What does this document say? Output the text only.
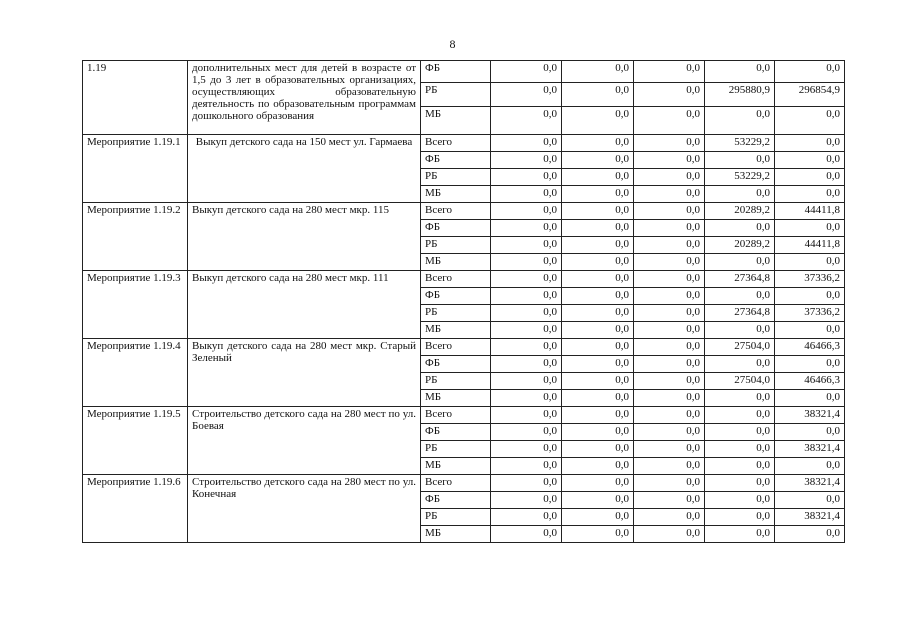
8
1.19	дополнительных мест для детей в возрасте от 1,5 до 3 лет в образовательных организациях, осуществляющих образовательную деятельность по образовательным программам дошкольного образования	ФБ	0,0	0,0	0,0	0,0	0,0
		РБ	0,0	0,0	0,0	295880,9	296854,9
		МБ	0,0	0,0	0,0	0,0	0,0
Мероприятие 1.19.1	Выкуп детского сада на 150 мест ул. Гармаева	Всего	0,0	0,0	0,0	53229,2	0,0
		ФБ	0,0	0,0	0,0	0,0	0,0
		РБ	0,0	0,0	0,0	53229,2	0,0
		МБ	0,0	0,0	0,0	0,0	0,0
Мероприятие 1.19.2	Выкуп детского сада на 280 мест мкр. 115	Всего	0,0	0,0	0,0	20289,2	44411,8
		ФБ	0,0	0,0	0,0	0,0	0,0
		РБ	0,0	0,0	0,0	20289,2	44411,8
		МБ	0,0	0,0	0,0	0,0	0,0
Мероприятие 1.19.3	Выкуп детского сада на 280 мест мкр. 111	Всего	0,0	0,0	0,0	27364,8	37336,2
		ФБ	0,0	0,0	0,0	0,0	0,0
		РБ	0,0	0,0	0,0	27364,8	37336,2
		МБ	0,0	0,0	0,0	0,0	0,0
Мероприятие 1.19.4	Выкуп детского сада на 280 мест мкр. Старый Зеленый	Всего	0,0	0,0	0,0	27504,0	46466,3
		ФБ	0,0	0,0	0,0	0,0	0,0
		РБ	0,0	0,0	0,0	27504,0	46466,3
		МБ	0,0	0,0	0,0	0,0	0,0
Мероприятие 1.19.5	Строительство детского сада на 280 мест по ул. Боевая	Всего	0,0	0,0	0,0	0,0	38321,4
		ФБ	0,0	0,0	0,0	0,0	0,0
		РБ	0,0	0,0	0,0	0,0	38321,4
		МБ	0,0	0,0	0,0	0,0	0,0
Мероприятие 1.19.6	Строительство детского сада на 280 мест по ул. Конечная	Всего	0,0	0,0	0,0	0,0	38321,4
		ФБ	0,0	0,0	0,0	0,0	0,0
		РБ	0,0	0,0	0,0	0,0	38321,4
		МБ	0,0	0,0	0,0	0,0	0,0
